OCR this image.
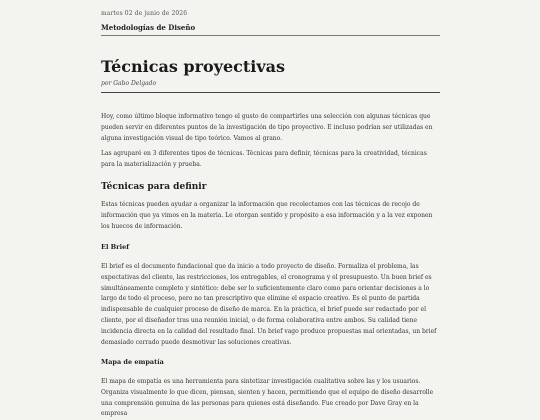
martes 02 de junio de 2026
Metodologías de Diseño
Técnicas proyectivas
por Gabo Delgado

Hoy, como último bloque informativo tengo el gusto de compartirles una selección con algunas técnicas que pueden servir en diferentes puntos de la investigación de tipo proyectivo. E incluso podrían ser utilizadas en alguna investigación visual de tipo teórico. Vamos al grano.

Las agruparé en 3 diferentes tipos de técnicas. Técnicas para definir, técnicas para la creatividad, técnicas para la materialización y prueba.

Técnicas para definir

Estas técnicas pueden ayudar a organizar la información que recolectamos con las técnicas de recojo de información que ya vimos en la materia. Le otorgan sentido y propósito a esa información y a la vez exponen los huecos de información.

El Brief

El brief es el documento fundacional que da inicio a todo proyecto de diseño. Formaliza el problema, las expectativas del cliente, las restricciones, los entregables, el cronograma y el presupuesto. Un buen brief es simultáneamente completo y sintético: debe ser lo suficientemente claro como para orientar decisiones a lo largo de todo el proceso, pero no tan prescriptivo que elimine el espacio creativo. Es el punto de partida indispensable de cualquier proceso de diseño de marca. En la práctica, el brief puede ser redactado por el cliente, por el diseñador tras una reunión inicial, o de forma colaborativa entre ambos. Su calidad tiene incidencia directa en la calidad del resultado final. Un brief vago produce propuestas mal orientadas, un brief demasiado cerrado puede desmotivar las soluciones creativas.

Mapa de empatía

El mapa de empatía es una herramienta para sintetizar investigación cualitativa sobre las y los usuarios. Organiza visualmente lo que dicen, piensan, sienten y hacen, permitiendo que el equipo de diseño desarrolle una comprensión genuina de las personas para quienes está diseñando. Fue creado por Dave Gray en la empresa
